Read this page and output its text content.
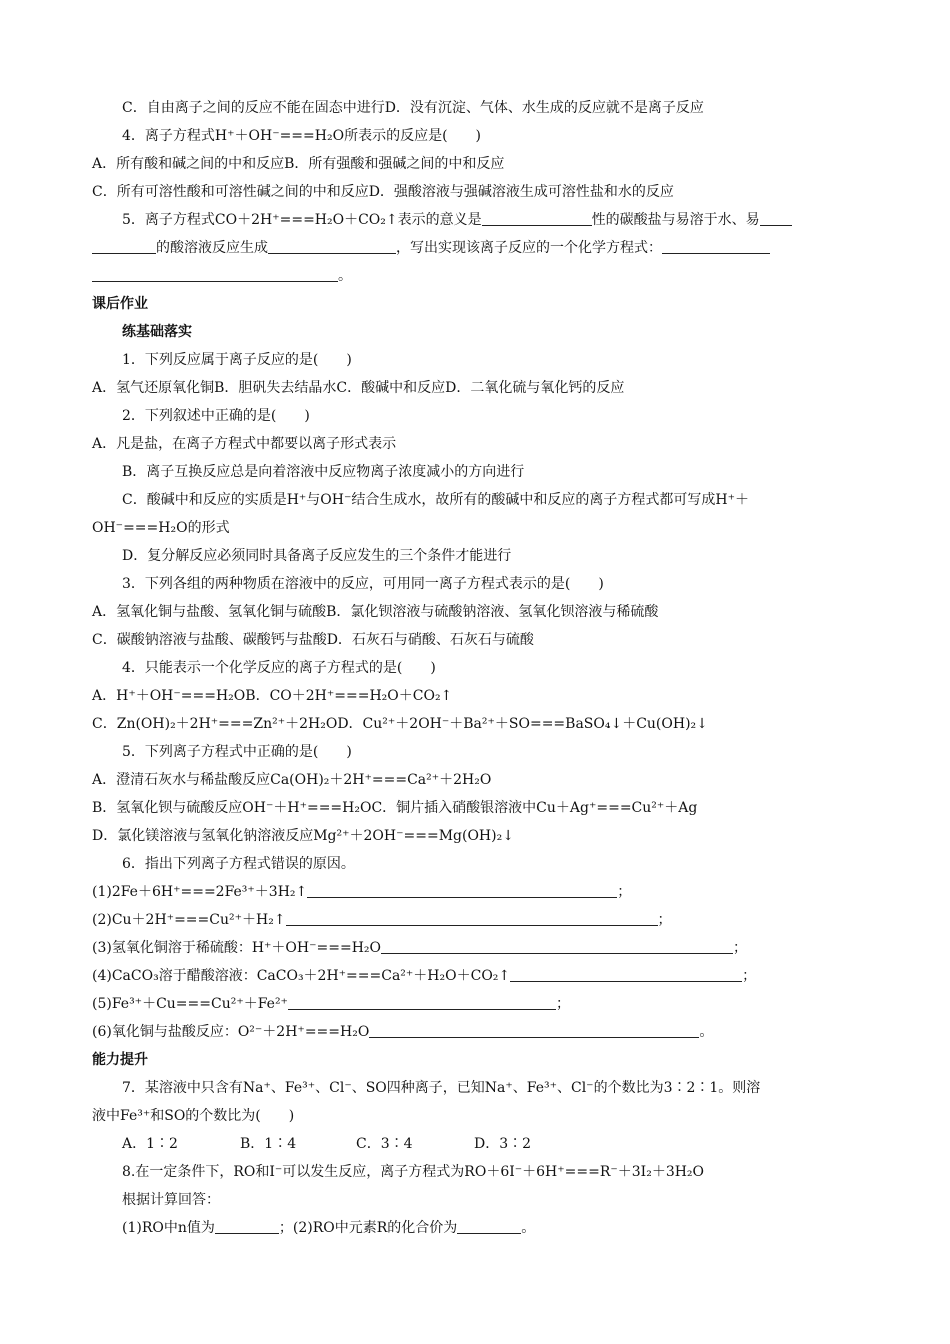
C．自由离子之间的反应不能在固态中进行D．没有沉淀、气体、水生成的反应就不是离子反应
4．离子方程式H⁺＋OH⁻===H₂O所表示的反应是(　　)
A．所有酸和碱之间的中和反应B．所有强酸和强碱之间的中和反应
C．所有可溶性酸和可溶性碱之间的中和反应D．强酸溶液与强碱溶液生成可溶性盐和水的反应
5．离子方程式CO＋2H⁺===H₂O＋CO₂↑表示的意义是	性的碳酸盐与易溶于水、易
的酸溶液反应生成	，写出实现该离子反应的一个化学方程式：
。
课后作业
练基础落实
1．下列反应属于离子反应的是(　　)
A．氢气还原氧化铜B．胆矾失去结晶水C．酸碱中和反应D．二氧化硫与氧化钙的反应
2．下列叙述中正确的是(　　)
A．凡是盐，在离子方程式中都要以离子形式表示
B．离子互换反应总是向着溶液中反应物离子浓度减小的方向进行
C．酸碱中和反应的实质是H⁺与OH⁻结合生成水，故所有的酸碱中和反应的离子方程式都可写成H⁺＋
OH⁻===H₂O的形式
D．复分解反应必须同时具备离子反应发生的三个条件才能进行
3．下列各组的两种物质在溶液中的反应，可用同一离子方程式表示的是(　　)
A．氢氧化铜与盐酸、氢氧化铜与硫酸B．氯化钡溶液与硫酸钠溶液、氢氧化钡溶液与稀硫酸
C．碳酸钠溶液与盐酸、碳酸钙与盐酸D．石灰石与硝酸、石灰石与硫酸
4．只能表示一个化学反应的离子方程式的是(　　)
A．H⁺＋OH⁻===H₂OB．CO＋2H⁺===H₂O＋CO₂↑
C．Zn(OH)₂＋2H⁺===Zn²⁺＋2H₂OD．Cu²⁺＋2OH⁻＋Ba²⁺＋SO===BaSO₄↓＋Cu(OH)₂↓
5．下列离子方程式中正确的是(　　)
A．澄清石灰水与稀盐酸反应Ca(OH)₂＋2H⁺===Ca²⁺＋2H₂O
B．氢氧化钡与硫酸反应OH⁻＋H⁺===H₂OC．铜片插入硝酸银溶液中Cu＋Ag⁺===Cu²⁺＋Ag
D．氯化镁溶液与氢氧化钠溶液反应Mg²⁺＋2OH⁻===Mg(OH)₂↓
6．指出下列离子方程式错误的原因。
(1)2Fe＋6H⁺===2Fe³⁺＋3H₂↑	；
(2)Cu＋2H⁺===Cu²⁺＋H₂↑	；
(3)氢氧化铜溶于稀硫酸：H⁺＋OH⁻===H₂O	；
(4)CaCO₃溶于醋酸溶液：CaCO₃＋2H⁺===Ca²⁺＋H₂O＋CO₂↑	；
(5)Fe³⁺＋Cu===Cu²⁺＋Fe²⁺	；
(6)氧化铜与盐酸反应：O²⁻＋2H⁺===H₂O	。
能力提升
7．某溶液中只含有Na⁺、Fe³⁺、Cl⁻、SO四种离子，已知Na⁺、Fe³⁺、Cl⁻的个数比为3∶2∶1。则溶
液中Fe³⁺和SO的个数比为(　　)
A．1∶2	B．1∶4	C．3∶4	D．3∶2
8.在一定条件下，RO和I⁻可以发生反应，离子方程式为RO＋6I⁻＋6H⁺===R⁻＋3I₂＋3H₂O
根据计算回答：
(1)RO中n值为	；(2)RO中元素R的化合价为	。
